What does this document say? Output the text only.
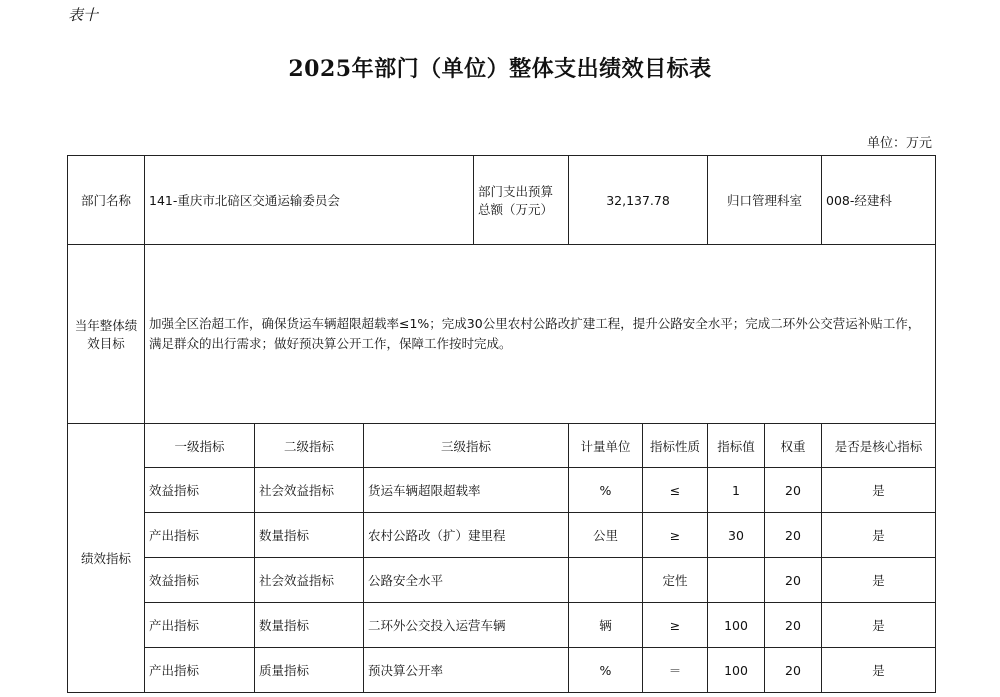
表十
2025年部门（单位）整体支出绩效目标表
单位：万元
部门名称	141-重庆市北碚区交通运输委员会			部门支出预算总额（万元）	32,137.78		归口管理科室		008-经建科
当年整体绩效目标	加强全区治超工作，确保货运车辆超限超载率≤1%；完成30公里农村公路改扩建工程，提升公路安全水平；完成二环外公交营运补贴工作，满足群众的出行需求；做好预决算公开工作，保障工作按时完成。								
绩效指标	一级指标	二级指标	三级指标		计量单位	指标性质	指标值	权重	是否是核心指标
	效益指标	社会效益指标	货运车辆超限超载率		%	≤	1	20	是
	产出指标	数量指标	农村公路改（扩）建里程		公里	≥	30	20	是
	效益指标	社会效益指标	公路安全水平			定性		20	是
	产出指标	数量指标	二环外公交投入运营车辆		辆	≥	100	20	是
	产出指标	质量指标	预决算公开率		%	＝	100	20	是
